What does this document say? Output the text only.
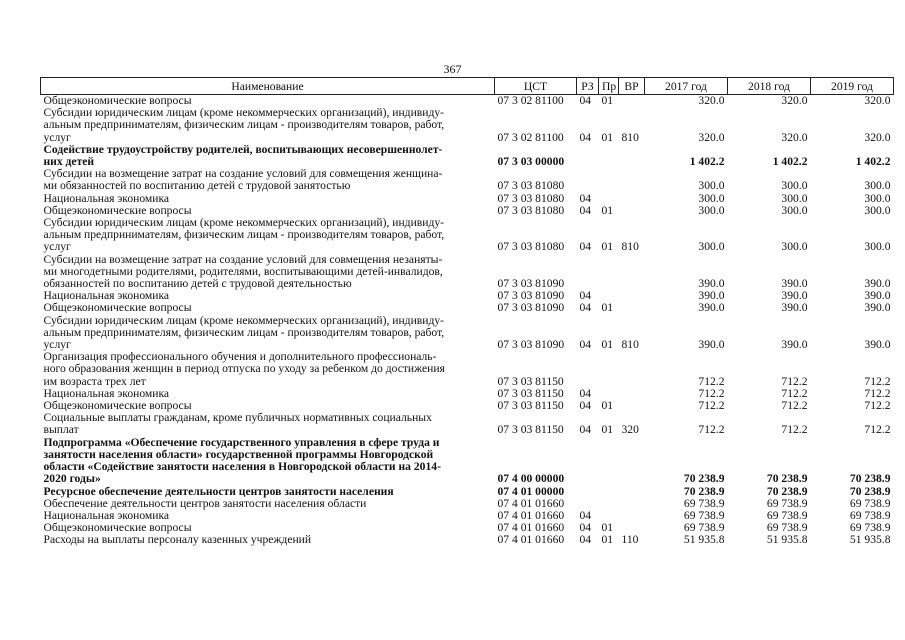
367
Наименование	ЦСТ	РЗ	Пр	ВР	2017 год	2018 год	2019 год
Общеэкономические вопросы	07 3 02 81100	04	01		320.0	320.0	320.0
Субсидии юридическим лицам (кроме некоммерческих организаций), индивиду-
альным предпринимателям, физическим лицам - производителям товаров, работ,
услуг	07 3 02 81100	04	01	810	320.0	320.0	320.0
Содействие трудоустройству родителей, воспитывающих несовершеннолет-
них детей	07 3 03 00000				1 402.2	1 402.2	1 402.2
Субсидии на возмещение затрат на создание условий для совмещения женщина-
ми обязанностей по воспитанию детей с трудовой занятостью	07 3 03 81080				300.0	300.0	300.0
Национальная экономика	07 3 03 81080	04			300.0	300.0	300.0
Общеэкономические вопросы	07 3 03 81080	04	01		300.0	300.0	300.0
Субсидии юридическим лицам (кроме некоммерческих организаций), индивиду-
альным предпринимателям, физическим лицам - производителям товаров, работ,
услуг	07 3 03 81080	04	01	810	300.0	300.0	300.0
Субсидии на возмещение затрат на создание условий для совмещения незаняты-
ми многодетными родителями, родителями, воспитывающими детей-инвалидов,
обязанностей по воспитанию детей с трудовой деятельностью	07 3 03 81090				390.0	390.0	390.0
Национальная экономика	07 3 03 81090	04			390.0	390.0	390.0
Общеэкономические вопросы	07 3 03 81090	04	01		390.0	390.0	390.0
Субсидии юридическим лицам (кроме некоммерческих организаций), индивиду-
альным предпринимателям, физическим лицам - производителям товаров, работ,
услуг	07 3 03 81090	04	01	810	390.0	390.0	390.0
Организация профессионального обучения и дополнительного профессиональ-
ного образования женщин в период отпуска по уходу за ребенком до достижения
им возраста трех лет	07 3 03 81150				712.2	712.2	712.2
Национальная экономика	07 3 03 81150	04			712.2	712.2	712.2
Общеэкономические вопросы	07 3 03 81150	04	01		712.2	712.2	712.2
Социальные выплаты гражданам, кроме публичных нормативных социальных
выплат	07 3 03 81150	04	01	320	712.2	712.2	712.2
Подпрограмма «Обеспечение государственного управления в сфере труда и
занятости населения области» государственной программы Новгородской
области «Содействие занятости населения в Новгородской области на 2014-
2020 годы»	07 4 00 00000				70 238.9	70 238.9	70 238.9
Ресурсное обеспечение деятельности центров занятости населения	07 4 01 00000				70 238.9	70 238.9	70 238.9
Обеспечение деятельности центров занятости населения области	07 4 01 01660				69 738.9	69 738.9	69 738.9
Национальная экономика	07 4 01 01660	04			69 738.9	69 738.9	69 738.9
Общеэкономические вопросы	07 4 01 01660	04	01		69 738.9	69 738.9	69 738.9
Расходы на выплаты персоналу казенных учреждений	07 4 01 01660	04	01	110	51 935.8	51 935.8	51 935.8
